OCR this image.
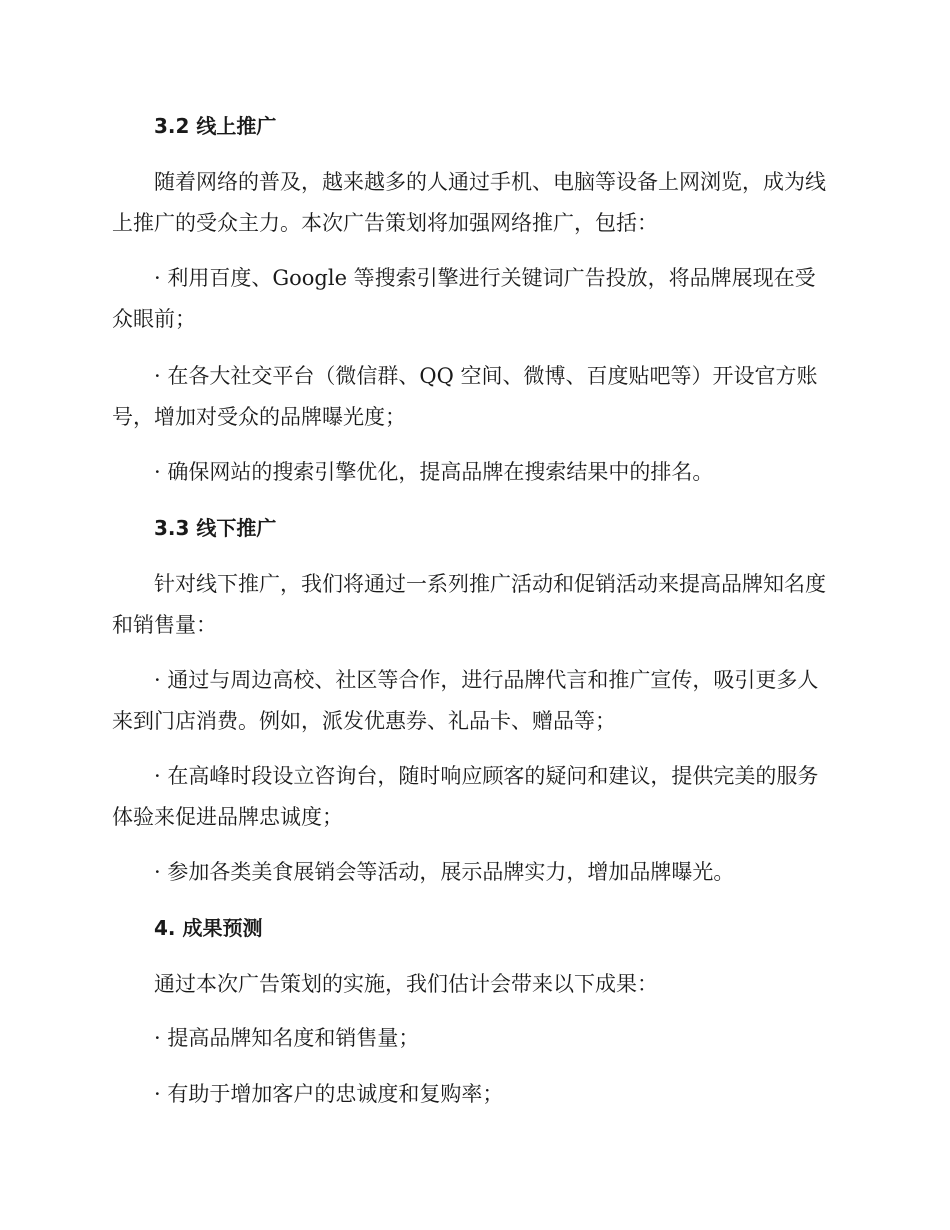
3.2 线上推广

随着网络的普及，越来越多的人通过手机、电脑等设备上网浏览，成为线上推广的受众主力。本次广告策划将加强网络推广，包括：

· 利用百度、Google 等搜索引擎进行关键词广告投放，将品牌展现在受众眼前；

· 在各大社交平台（微信群、QQ 空间、微博、百度贴吧等）开设官方账号，增加对受众的品牌曝光度；

· 确保网站的搜索引擎优化，提高品牌在搜索结果中的排名。

3.3 线下推广

针对线下推广，我们将通过一系列推广活动和促销活动来提高品牌知名度和销售量：

· 通过与周边高校、社区等合作，进行品牌代言和推广宣传，吸引更多人来到门店消费。例如，派发优惠券、礼品卡、赠品等；

· 在高峰时段设立咨询台，随时响应顾客的疑问和建议，提供完美的服务体验来促进品牌忠诚度；

· 参加各类美食展销会等活动，展示品牌实力，增加品牌曝光。

4. 成果预测

通过本次广告策划的实施，我们估计会带来以下成果：

· 提高品牌知名度和销售量；

· 有助于增加客户的忠诚度和复购率；
